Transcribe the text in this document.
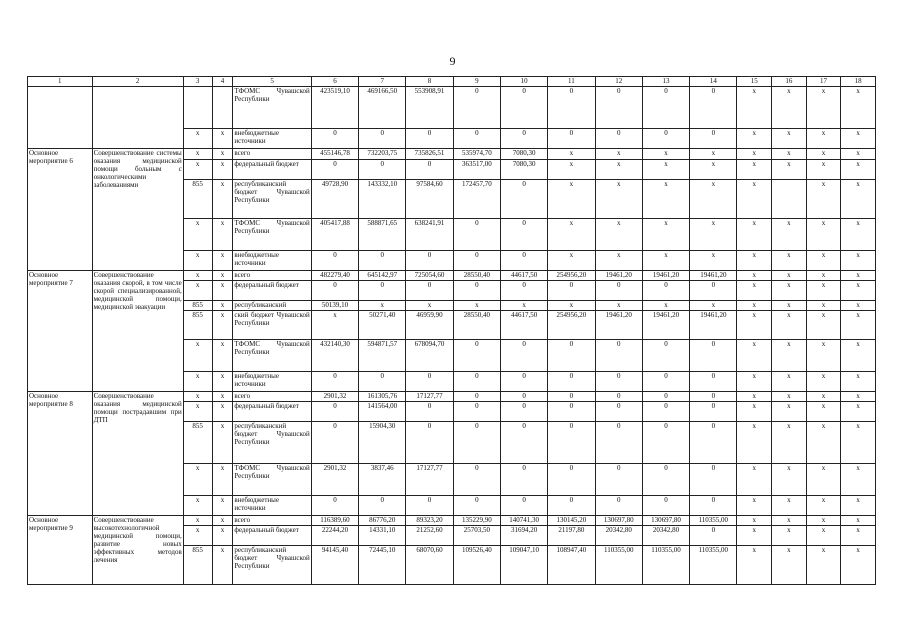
9
1	2	3	4	5	6	7	8	9	10	11	12	13	14	15	16	17	18
				ТФОМС Чувашской Республики	423519,10	469166,50	553908,91	0	0	0	0	0	0	x	x	x	x
		x	x	внебюджетные источники	0	0	0	0	0	0	0	0	0	x	x	x	x
Основное мероприятие 6	Совершенствование системы оказания медицинской помощи больным с онкологическими заболеваниями	x	x	всего	455146,78	732203,75	735826,51	535974,70	7080,30	x	x	x	x	x	x	x	x
		x	x	федеральный бюджет	0	0	0	363517,00	7080,30	x	x	x	x	x	x	x	x
		855	x	республиканский бюджет Чувашской Республики	49728,90	143332,10	97584,60	172457,70	0	x	x	x	x	x		x	x
		x	x	ТФОМС Чувашской Республики	405417,88	588871,65	638241,91	0	0	x	x	x	x	x	x	x	x
		x	x	внебюджетные источники	0	0	0	0	0	x	x	x	x	x	x	x	x
Основное мероприятие 7	Совершенствование оказания скорой, в том числе скорой специализированной, медицинской помощи, медицинской эвакуации	x	x	всего	482279,40	645142,97	725054,60	28550,40	44617,50	254956,20	19461,20	19461,20	19461,20	x	x	x	x
		x	x	федеральный бюджет	0	0	0	0	0	0	0	0	0	x	x	x	x
		855	x	республиканский	50139,10	x	x	x	x	x	x	x	x	x	x	x	x
		855	x	ский бюджет Чувашской Республики	x	50271,40	46959,90	28550,40	44617,50	254956,20	19461,20	19461,20	19461,20	x	x	x	x
		x	x	ТФОМС Чувашской Республики	432140,30	594871,57	678094,70	0	0	0	0	0	0	x	x	x	x
		x	x	внебюджетные источники	0	0	0	0	0	0	0	0	0	x	x	x	x
Основное мероприятие 8	Совершенствование оказания медицинской помощи пострадавшим при ДТП	x	x	всего	2901,32	161305,76	17127,77	0	0	0	0	0	0	x	x	x	x
		x	x	федеральный бюджет	0	141564,00	0	0	0	0	0	0	0	x	x	x	x
		855	x	республиканский бюджет Чувашской Республики	0	15904,30	0	0	0	0	0	0	0	x	x	x	x
		x	x	ТФОМС Чувашской Республики	2901,32	3837,46	17127,77	0	0	0	0	0	0	x	x	x	x
		x	x	внебюджетные источники	0	0	0	0	0	0	0	0	0	x	x	x	x
Основное мероприятие 9	Совершенствование высокотехнологичной медицинской помощи, развитие новых эффективных методов лечения	x	x	всего	116389,60	86776,20	89323,20	135229,90	140741,30	130145,20	130697,80	130697,80	110355,00	x	x	x	x
		x	x	федеральный бюджет	22244,20	14331,10	21252,60	25703,50	31694,20	21197,80	20342,80	20342,80	0	x	x	x	x
		855	x	республиканский бюджет Чувашской Республики	94145,40	72445,10	68070,60	109526,40	109047,10	108947,40	110355,00	110355,00	110355,00	x	x	x	x
